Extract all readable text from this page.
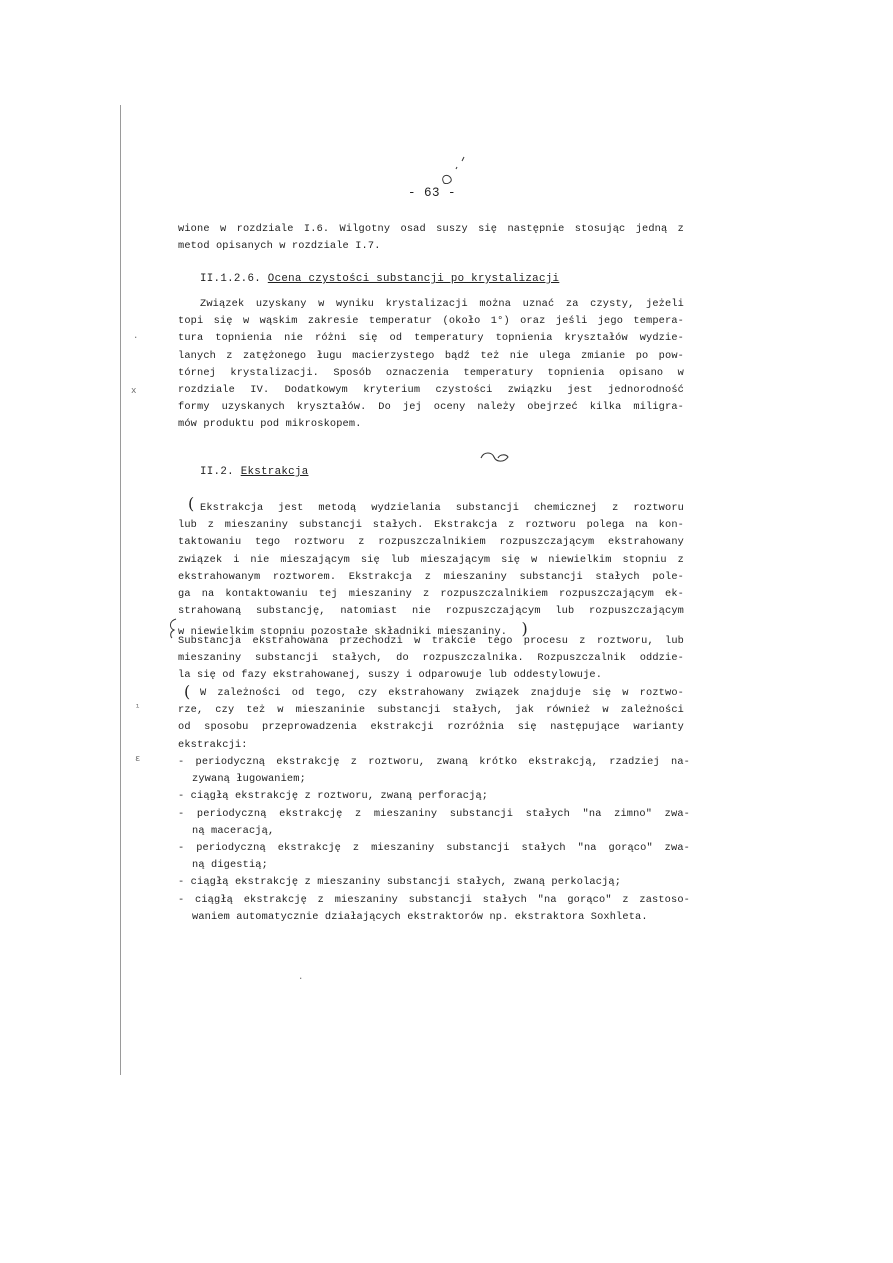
- 63 -
wione w rozdziale I.6. Wilgotny osad suszy się następnie stosując jedną z
metod opisanych w rozdziale I.7.
II.1.2.6. Ocena czystości substancji po krystalizacji
Związek uzyskany w wyniku krystalizacji można uznać za czysty, jeżeli
topi się w wąskim zakresie temperatur (około 1°) oraz jeśli jego tempera-
tura topnienia nie różni się od temperatury topnienia kryształów wydzie-
lanych z zatężonego ługu macierzystego bądź też nie ulega zmianie po pow-
tórnej krystalizacji. Sposób oznaczenia temperatury topnienia opisano w
rozdziale IV. Dodatkowym kryterium czystości związku jest jednorodność
formy uzyskanych kryształów. Do jej oceny należy obejrzeć kilka miligra-
mów produktu pod mikroskopem.
II.2. Ekstrakcja
( Ekstrakcja jest metodą wydzielania substancji chemicznej z roztworu
lub z mieszaniny substancji stałych. Ekstrakcja z roztworu polega na kon-
taktowaniu tego roztworu z rozpuszczalnikiem rozpuszczającym ekstrahowany
związek i nie mieszającym się lub mieszającym się w niewielkim stopniu z
ekstrahowanym roztworem. Ekstrakcja z mieszaniny substancji stałych pole-
ga na kontaktowaniu tej mieszaniny z rozpuszczalnikiem rozpuszczającym ek-
strahowaną substancję, natomiast nie rozpuszczającym lub rozpuszczającym
w niewielkim stopniu pozostałe składniki mieszaniny. )
Substancja ekstrahowana przechodzi w trakcie tego procesu z roztworu, lub
mieszaniny substancji stałych, do rozpuszczalnika. Rozpuszczalnik oddzie-
la się od fazy ekstrahowanej, suszy i odparowuje lub oddestylowuje.
( W zależności od tego, czy ekstrahowany związek znajduje się w roztwo-
rze, czy też w mieszaninie substancji stałych, jak również w zależności
od sposobu przeprowadzenia ekstrakcji rozróżnia się następujące warianty
ekstrakcji:
- periodyczną ekstrakcję z roztworu, zwaną krótko ekstrakcją, rzadziej na-
zywaną ługowaniem;
- ciągłą ekstrakcję z roztworu, zwaną perforacją;
- periodyczną ekstrakcję z mieszaniny substancji stałych "na zimno" zwa-
ną maceracją,
- periodyczną ekstrakcję z mieszaniny substancji stałych "na gorąco" zwa-
ną digestią;
- ciągłą ekstrakcję z mieszaniny substancji stałych, zwaną perkolacją;
- ciągłą ekstrakcję z mieszaniny substancji stałych "na gorąco" z zastoso-
waniem automatycznie działających ekstraktorów np. ekstraktora Soxhleta.
·
x
¹
ɛ
·
